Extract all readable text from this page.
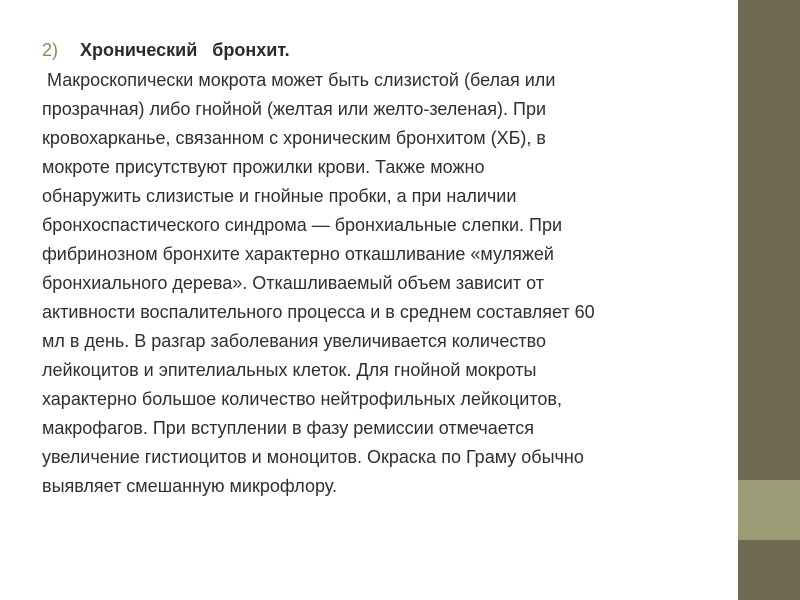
2)	Хронический бронхит.

Макроскопически мокрота может быть слизистой (белая или
прозрачная) либо гнойной (желтая или желто-зеленая). При
кровохарканье, связанном с хроническим бронхитом (ХБ), в
мокроте присутствуют прожилки крови. Также можно
обнаружить слизистые и гнойные пробки, а при наличии
бронхоспастического синдрома — бронхиальные слепки. При
фибринозном бронхите характерно откашливание «муляжей
бронхиального дерева». Откашливаемый объем зависит от
активности воспалительного процесса и в среднем составляет 60
мл в день. В разгар заболевания увеличивается количество
лейкоцитов и эпителиальных клеток. Для гнойной мокроты
характерно большое количество нейтрофильных лейкоцитов,
макрофагов. При вступлении в фазу ремиссии отмечается
увеличение гистиоцитов и моноцитов. Окраска по Граму обычно
выявляет смешанную микрофлору.
